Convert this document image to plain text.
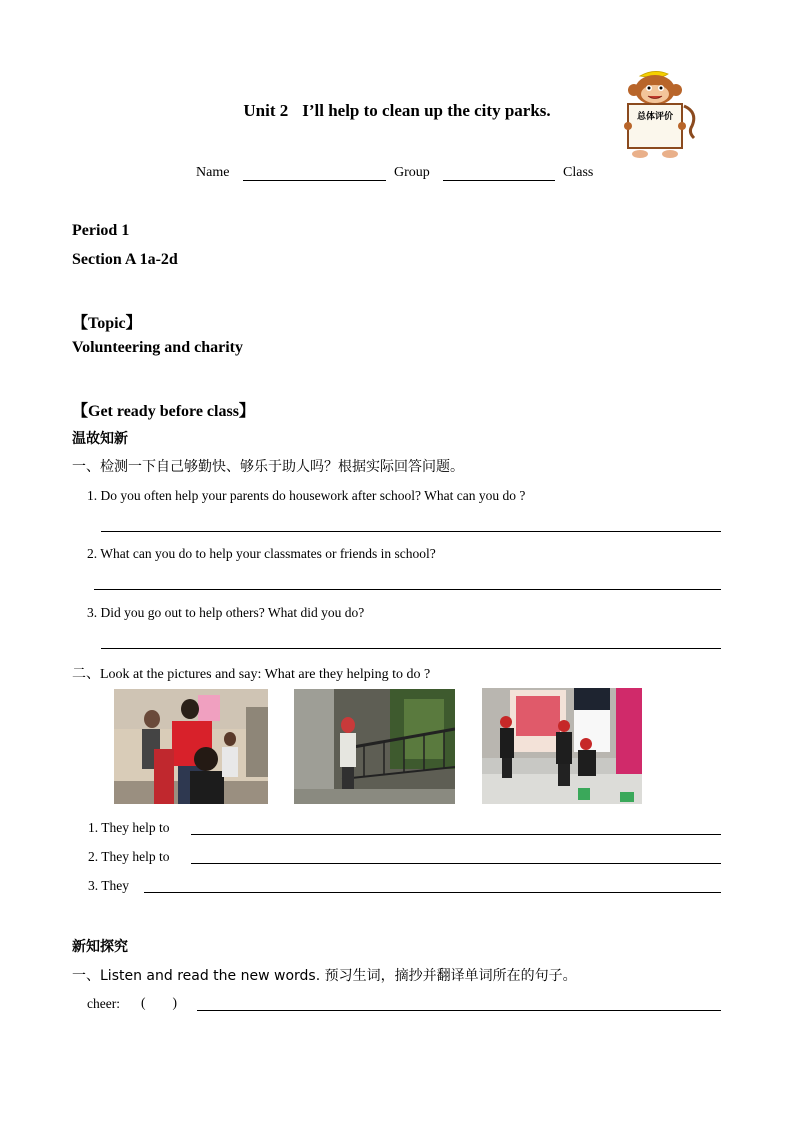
Unit 2 I’ll help to clean up the city parks.	总体评价
Name	Group	Class
Period 1
Section A 1a-2d
【Topic】
Volunteering and charity
【Get ready before class】
温故知新
一、检测一下自己够勤快、够乐于助人吗？根据实际回答问题。
1. Do you often help your parents do housework after school? What can you do ?
2. What can you do to help your classmates or friends in school?
3. Did you go out to help others? What did you do?
二、Look at the pictures and say: What are they helping to do ?
1. They help to
2. They help to
3. They
新知探究
一、Listen and read the new words. 预习生词，摘抄并翻译单词所在的句子。
cheer: (        )
